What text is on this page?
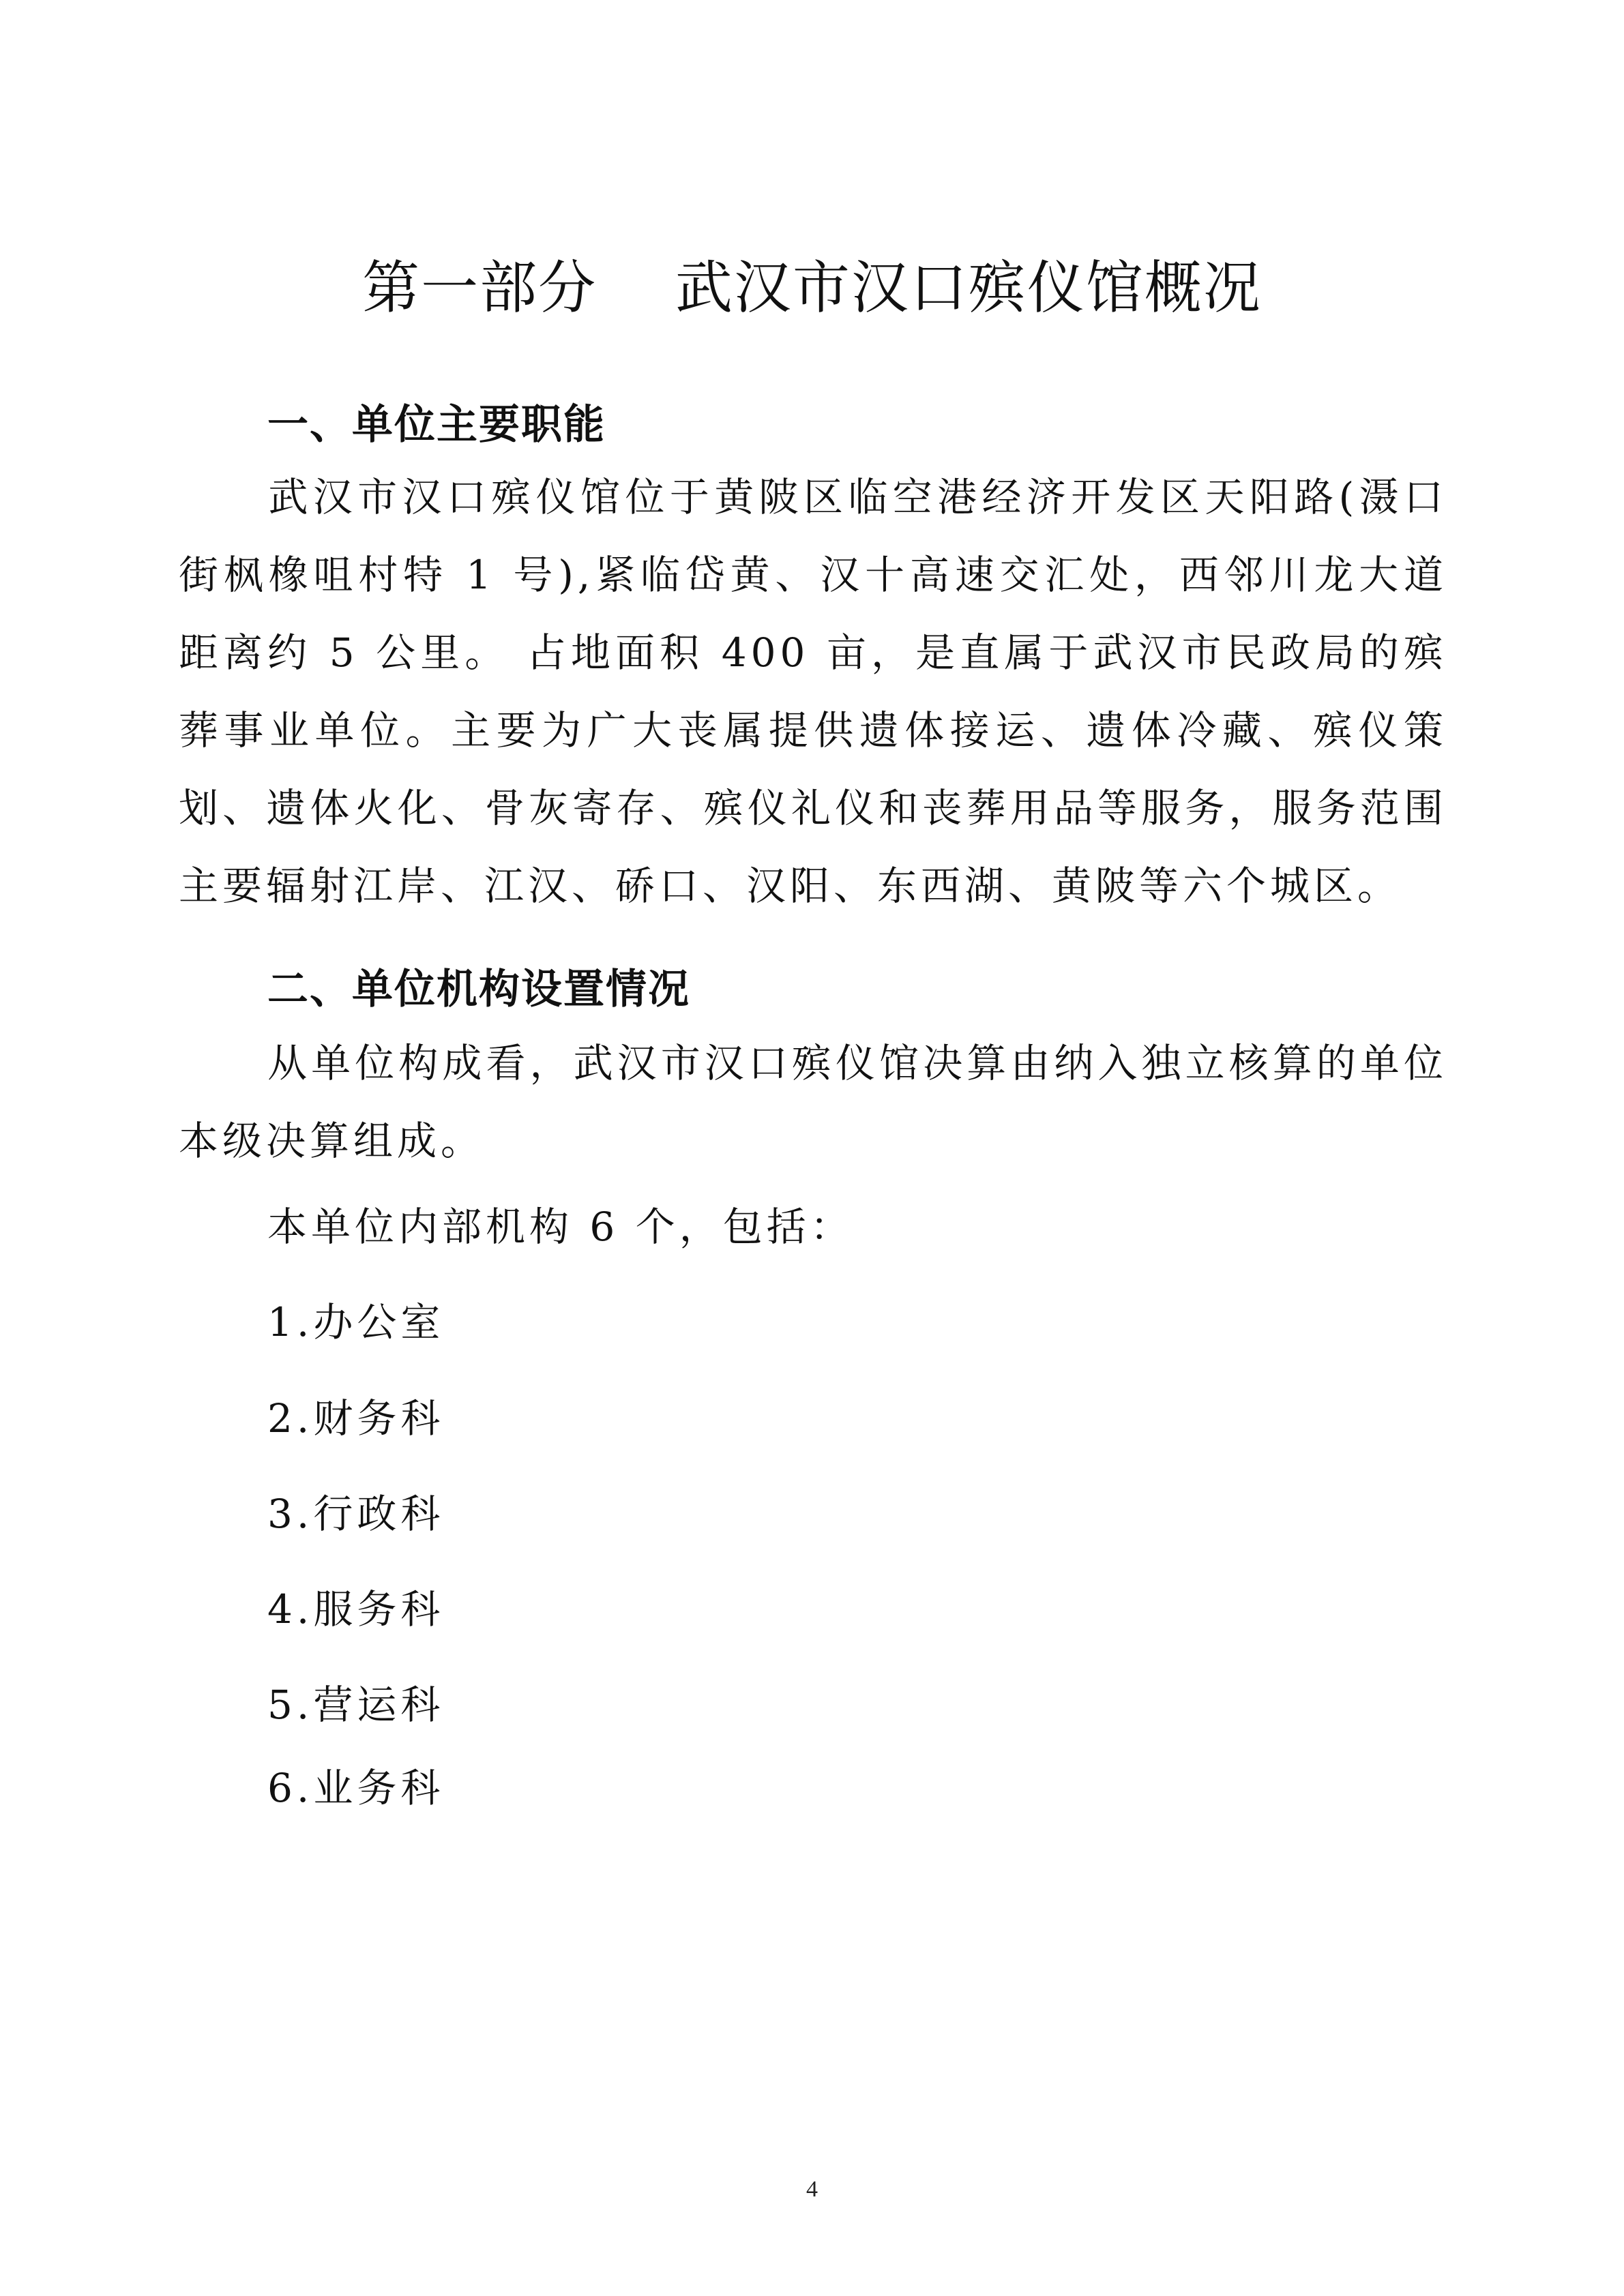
第一部分    武汉市汉口殡仪馆概况
一、单位主要职能
武汉市汉口殡仪馆位于黄陂区临空港经济开发区天阳路(滠口街枫橡咀村特 1 号),紧临岱黄、汉十高速交汇处，西邻川龙大道距离约 5 公里。 占地面积 400 亩，是直属于武汉市民政局的殡葬事业单位。主要为广大丧属提供遗体接运、遗体冷藏、殡仪策划、遗体火化、骨灰寄存、殡仪礼仪和丧葬用品等服务，服务范围主要辐射江岸、江汉、硚口、汉阳、东西湖、黄陂等六个城区。
二、单位机构设置情况
从单位构成看，武汉市汉口殡仪馆决算由纳入独立核算的单位本级决算组成。
本单位内部机构 6 个，包括：
1.办公室
2.财务科
3.行政科
4.服务科
5.营运科
6.业务科
4
